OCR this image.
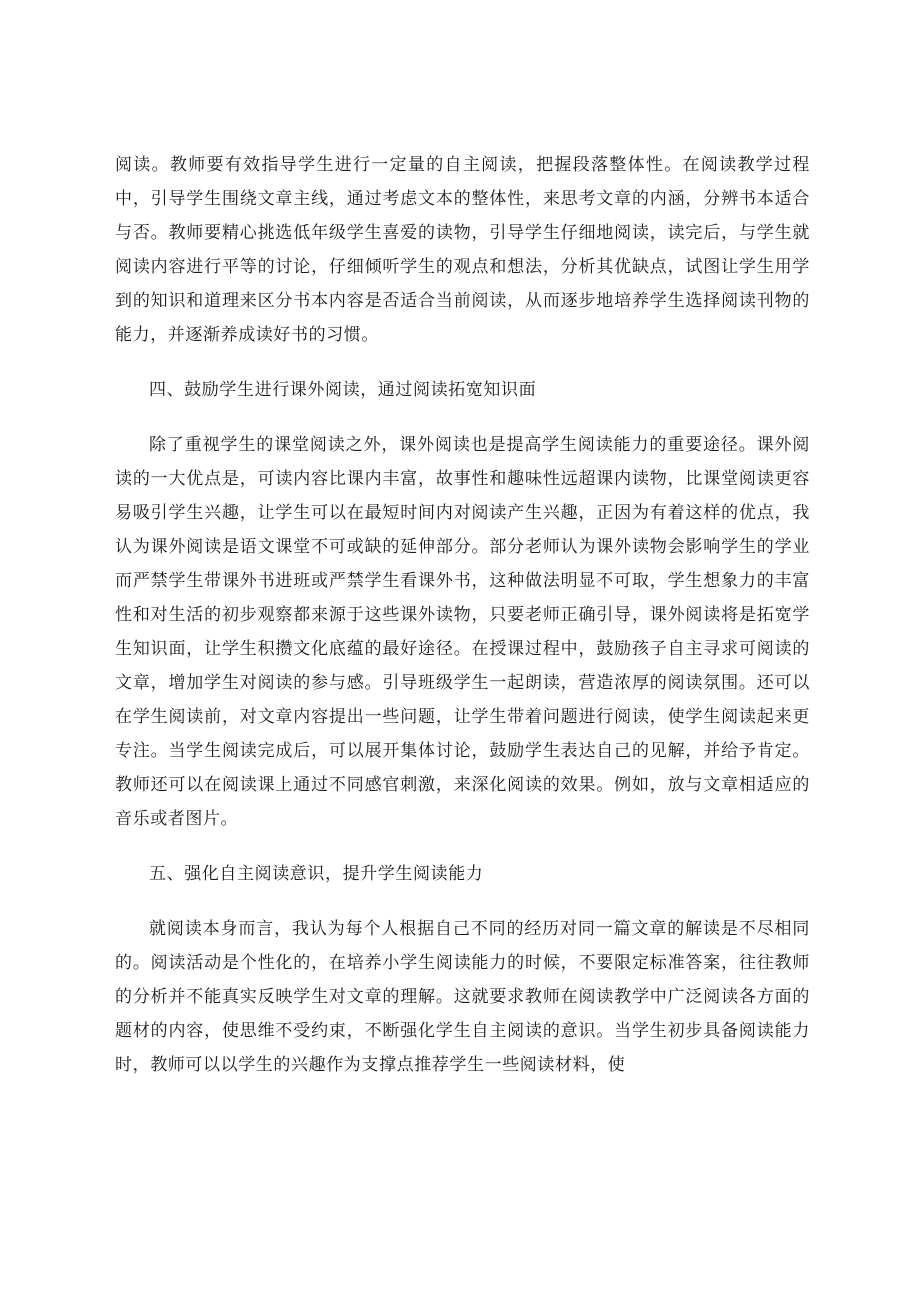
阅读。教师要有效指导学生进行一定量的自主阅读，把握段落整体性。在阅读教学过程中，引导学生围绕文章主线，通过考虑文本的整体性，来思考文章的内涵，分辨书本适合与否。教师要精心挑选低年级学生喜爱的读物，引导学生仔细地阅读，读完后，与学生就阅读内容进行平等的讨论，仔细倾听学生的观点和想法，分析其优缺点，试图让学生用学到的知识和道理来区分书本内容是否适合当前阅读，从而逐步地培养学生选择阅读刊物的能力，并逐渐养成读好书的习惯。

四、鼓励学生进行课外阅读，通过阅读拓宽知识面

除了重视学生的课堂阅读之外，课外阅读也是提高学生阅读能力的重要途径。课外阅读的一大优点是，可读内容比课内丰富，故事性和趣味性远超课内读物，比课堂阅读更容易吸引学生兴趣，让学生可以在最短时间内对阅读产生兴趣，正因为有着这样的优点，我认为课外阅读是语文课堂不可或缺的延伸部分。部分老师认为课外读物会影响学生的学业而严禁学生带课外书进班或严禁学生看课外书，这种做法明显不可取，学生想象力的丰富性和对生活的初步观察都来源于这些课外读物，只要老师正确引导，课外阅读将是拓宽学生知识面，让学生积攒文化底蕴的最好途径。在授课过程中，鼓励孩子自主寻求可阅读的文章，增加学生对阅读的参与感。引导班级学生一起朗读，营造浓厚的阅读氛围。还可以在学生阅读前，对文章内容提出一些问题，让学生带着问题进行阅读，使学生阅读起来更专注。当学生阅读完成后，可以展开集体讨论，鼓励学生表达自己的见解，并给予肯定。教师还可以在阅读课上通过不同感官刺激，来深化阅读的效果。例如，放与文章相适应的音乐或者图片。

五、强化自主阅读意识，提升学生阅读能力

就阅读本身而言，我认为每个人根据自己不同的经历对同一篇文章的解读是不尽相同的。阅读活动是个性化的，在培养小学生阅读能力的时候，不要限定标准答案，往往教师的分析并不能真实反映学生对文章的理解。这就要求教师在阅读教学中广泛阅读各方面的题材的内容，使思维不受约束，不断强化学生自主阅读的意识。当学生初步具备阅读能力时，教师可以以学生的兴趣作为支撑点推荐学生一些阅读材料，使
